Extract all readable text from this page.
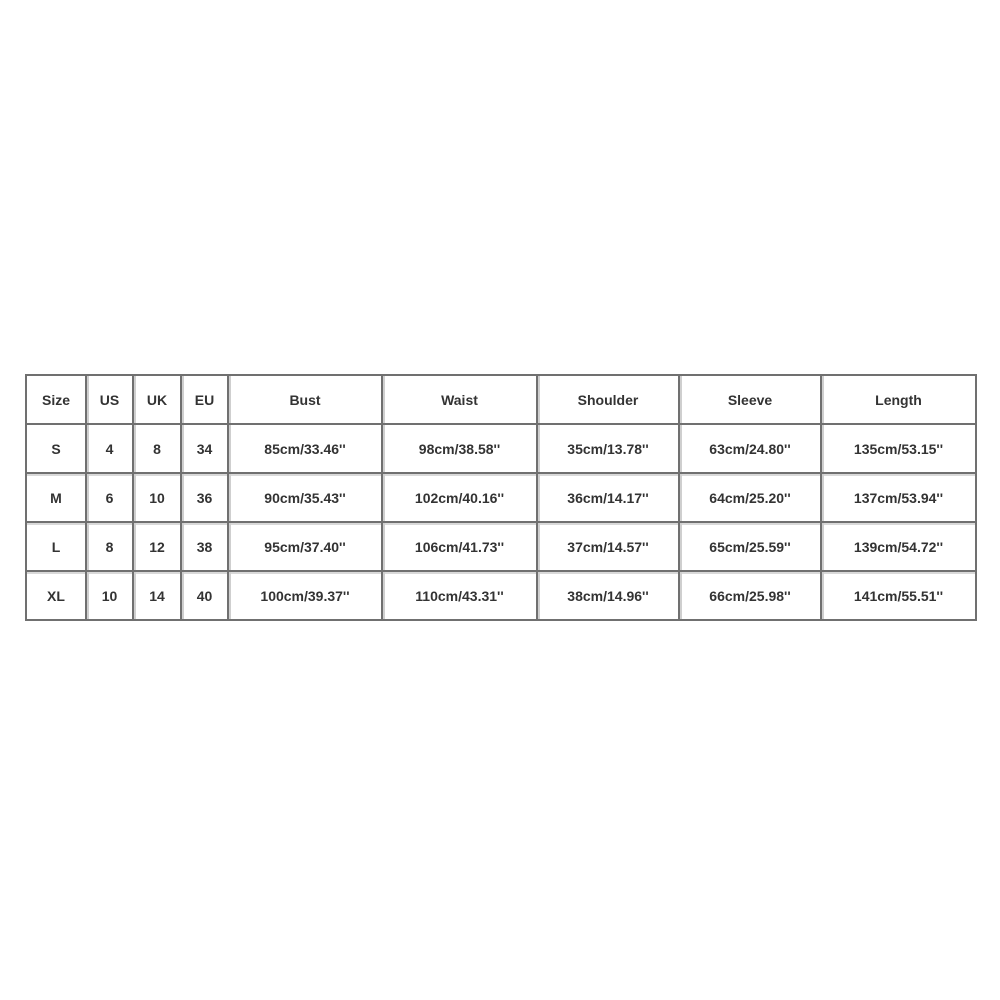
Size	US	UK	EU	Bust	Waist	Shoulder	Sleeve	Length
S	4	8	34	85cm/33.46''	98cm/38.58''	35cm/13.78''	63cm/24.80''	135cm/53.15''
M	6	10	36	90cm/35.43''	102cm/40.16''	36cm/14.17''	64cm/25.20''	137cm/53.94''
L	8	12	38	95cm/37.40''	106cm/41.73''	37cm/14.57''	65cm/25.59''	139cm/54.72''
XL	10	14	40	100cm/39.37''	110cm/43.31''	38cm/14.96''	66cm/25.98''	141cm/55.51''
